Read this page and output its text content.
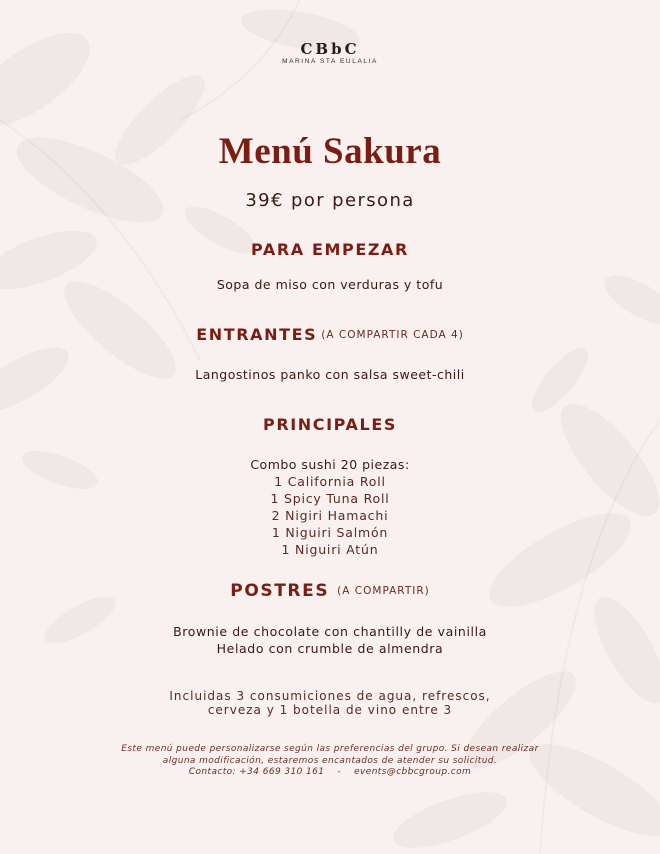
CBbC
MARINA STA EULALIA
Menú Sakura
39€ por persona
PARA EMPEZAR
Sopa de miso con verduras y tofu
ENTRANTES (A COMPARTIR CADA 4)
Langostinos panko con salsa sweet-chili
PRINCIPALES
Combo sushi 20 piezas:
1 California Roll
1 Spicy Tuna Roll
2 Nigiri Hamachi
1 Niguiri Salmón
1 Niguiri Atún
POSTRES (A COMPARTIR)
Brownie de chocolate con chantilly de vainilla
Helado con crumble de almendra
Incluidas 3 consumiciones de agua, refrescos,
cerveza y 1 botella de vino entre 3
Este menú puede personalizarse según las preferencias del grupo. Si desean realizar
alguna modificación, estaremos encantados de atender su solicitud.
Contacto: +34 669 310 161    -    events@cbbcgroup.com
